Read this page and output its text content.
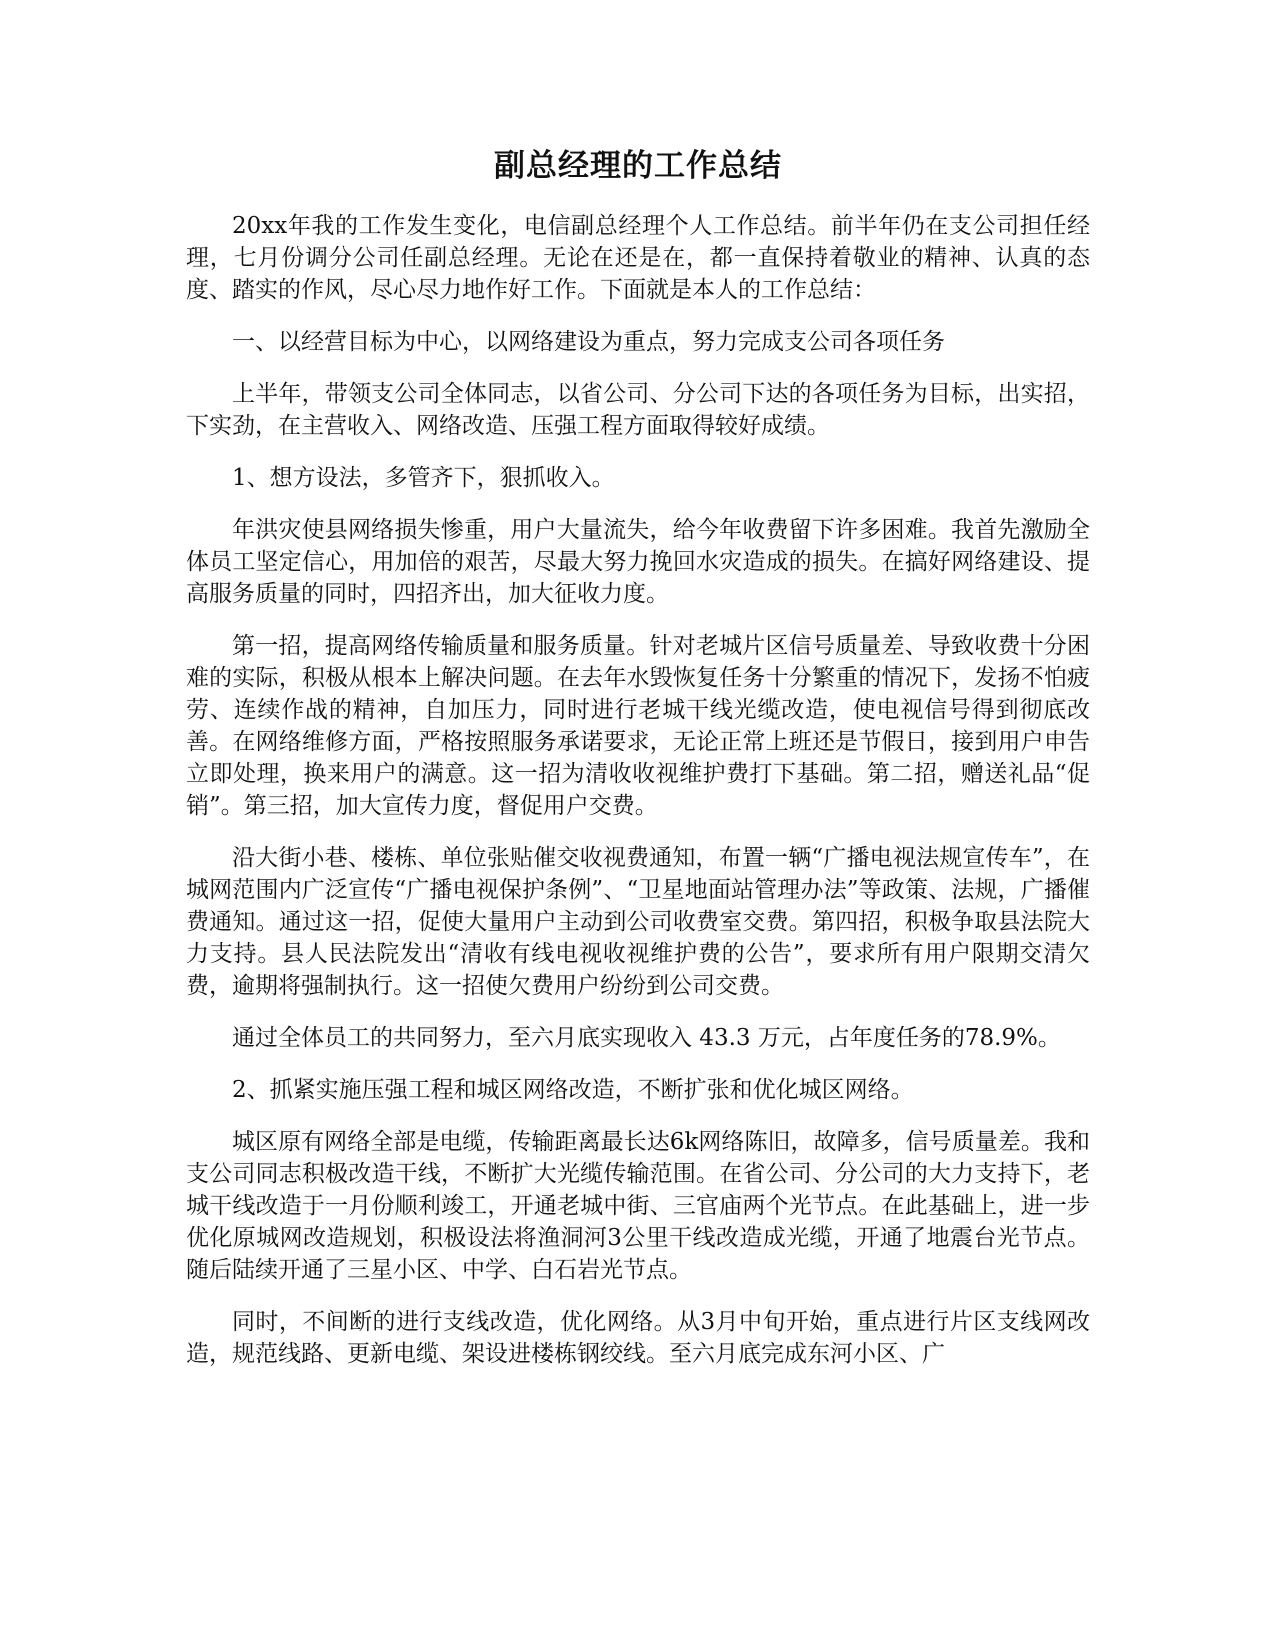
副总经理的工作总结

20xx年我的工作发生变化，电信副总经理个人工作总结。前半年仍在支公司担任经理，七月份调分公司任副总经理。无论在还是在，都一直保持着敬业的精神、认真的态度、踏实的作风，尽心尽力地作好工作。下面就是本人的工作总结：

一、以经营目标为中心，以网络建设为重点，努力完成支公司各项任务

上半年，带领支公司全体同志，以省公司、分公司下达的各项任务为目标，出实招，下实劲，在主营收入、网络改造、压强工程方面取得较好成绩。

1、想方设法，多管齐下，狠抓收入。

年洪灾使县网络损失惨重，用户大量流失，给今年收费留下许多困难。我首先激励全体员工坚定信心，用加倍的艰苦，尽最大努力挽回水灾造成的损失。在搞好网络建设、提高服务质量的同时，四招齐出，加大征收力度。

第一招，提高网络传输质量和服务质量。针对老城片区信号质量差、导致收费十分困难的实际，积极从根本上解决问题。在去年水毁恢复任务十分繁重的情况下，发扬不怕疲劳、连续作战的精神，自加压力，同时进行老城干线光缆改造，使电视信号得到彻底改善。在网络维修方面，严格按照服务承诺要求，无论正常上班还是节假日，接到用户申告立即处理，换来用户的满意。这一招为清收收视维护费打下基础。第二招，赠送礼品“促销”。第三招，加大宣传力度，督促用户交费。

沿大街小巷、楼栋、单位张贴催交收视费通知，布置一辆“广播电视法规宣传车”，在城网范围内广泛宣传“广播电视保护条例”、“卫星地面站管理办法”等政策、法规，广播催费通知。通过这一招，促使大量用户主动到公司收费室交费。第四招，积极争取县法院大力支持。县人民法院发出“清收有线电视收视维护费的公告”，要求所有用户限期交清欠费，逾期将强制执行。这一招使欠费用户纷纷到公司交费。

通过全体员工的共同努力，至六月底实现收入 43.3 万元，占年度任务的78.9%。

2、抓紧实施压强工程和城区网络改造，不断扩张和优化城区网络。

城区原有网络全部是电缆，传输距离最长达6k网络陈旧，故障多，信号质量差。我和支公司同志积极改造干线，不断扩大光缆传输范围。在省公司、分公司的大力支持下，老城干线改造于一月份顺利竣工，开通老城中街、三官庙两个光节点。在此基础上，进一步优化原城网改造规划，积极设法将渔洞河3公里干线改造成光缆，开通了地震台光节点。随后陆续开通了三星小区、中学、白石岩光节点。

同时，不间断的进行支线改造，优化网络。从3月中旬开始，重点进行片区支线网改造，规范线路、更新电缆、架设进楼栋钢绞线。至六月底完成东河小区、广
